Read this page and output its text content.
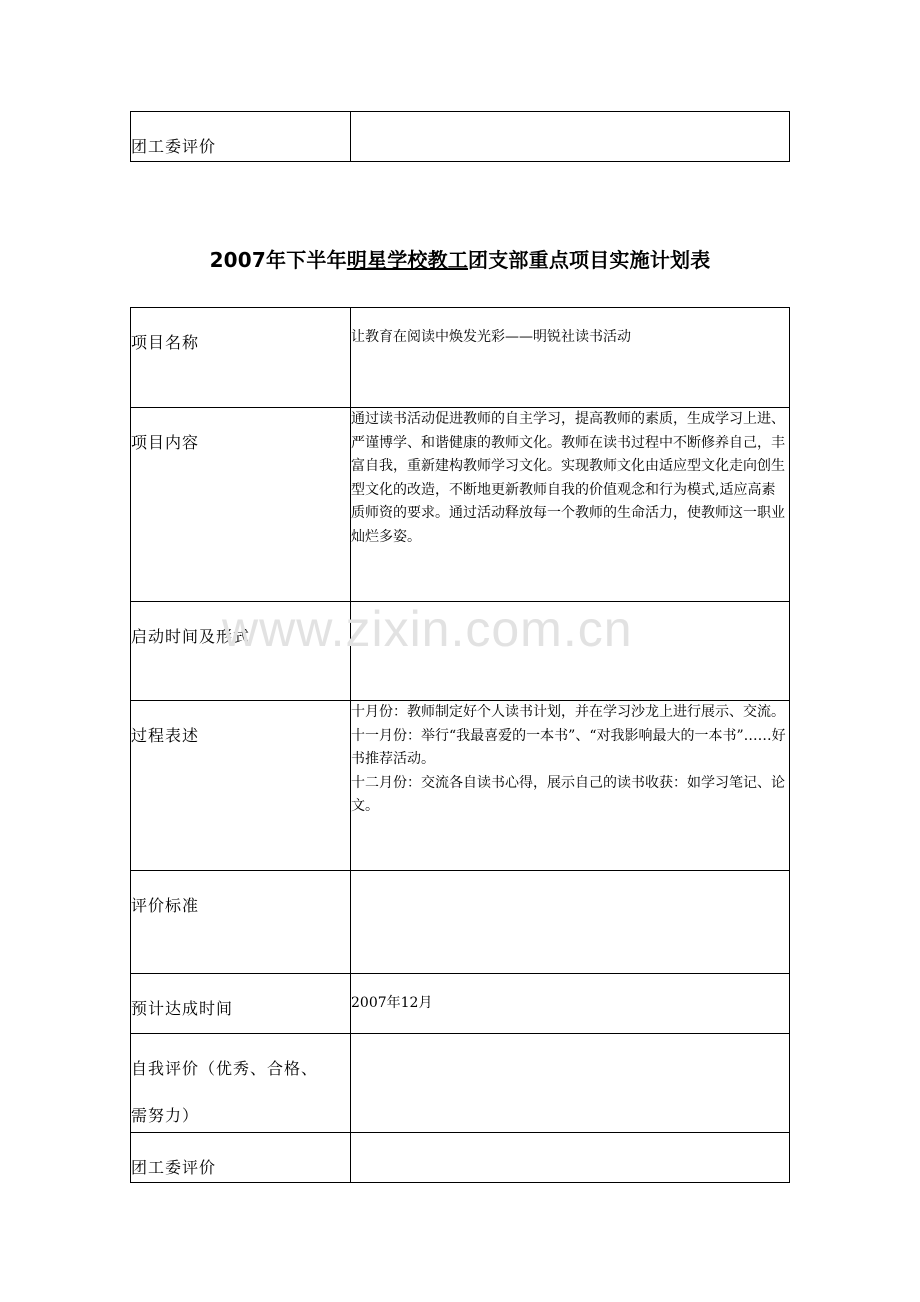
团工委评价

2007年下半年明星学校教工团支部重点项目实施计划表
项目名称	让教育在阅读中焕发光彩——明锐社读书活动

项目内容	通过读书活动促进教师的自主学习，提高教师的素质，生成学习上进、严谨博学、和谐健康的教师文化。教师在读书过程中不断修养自己，丰富自我，重新建构教师学习文化。实现教师文化由适应型文化走向创生型文化的改造，不断地更新教师自我的价值观念和行为模式,适应高素质师资的要求。通过活动释放每一个教师的生命活力，使教师这一职业灿烂多姿。

启动时间及形式	

过程表述	十月份：教师制定好个人读书计划，并在学习沙龙上进行展示、交流。
十一月份：举行“我最喜爱的一本书”、“对我影响最大的一本书”……好书推荐活动。
十二月份：交流各自读书心得，展示自己的读书收获：如学习笔记、论文。

评价标准	

预计达成时间	2007年12月

自我评价（优秀、合格、
需努力）	

团工委评价	

www.zixin.com.cn
